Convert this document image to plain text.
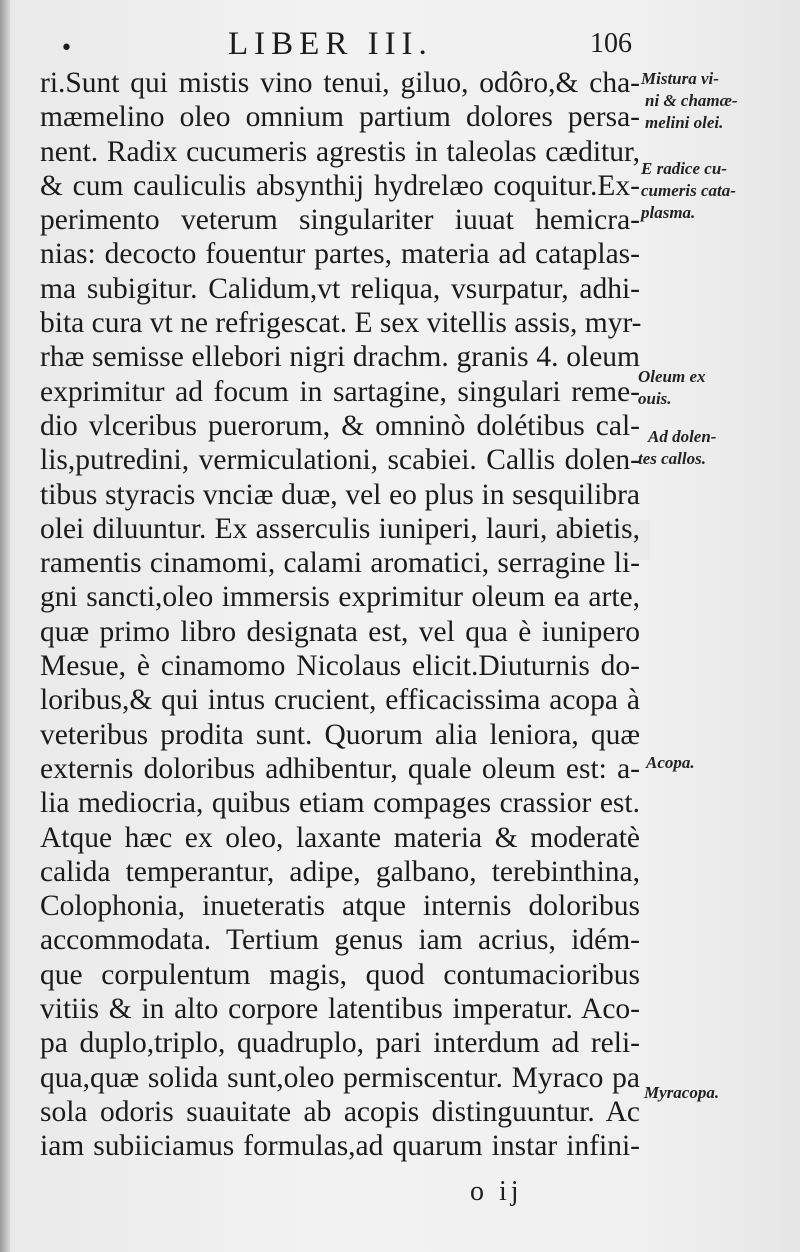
•	LIBER III.	106
ri.Sunt qui mistis vino tenui, giluo, odôro,& cha-
mæmelino oleo omnium partium dolores persa-
nent. Radix cucumeris agrestis in taleolas cæditur,
& cum cauliculis absynthij hydrelæo coquitur.Ex-
perimento veterum singulariter iuuat hemicra-
nias: decocto fouentur partes, materia ad cataplas-
ma subigitur. Calidum,vt reliqua, vsurpatur, adhi-
bita cura vt ne refrigescat. E sex vitellis assis, myr-
rhæ semisse ellebori nigri drachm. granis 4. oleum
exprimitur ad focum in sartagine, singulari reme-
dio vlceribus puerorum, & omninò dolétibus cal-
lis,putredini, vermiculationi, scabiei. Callis dolen-
tibus styracis vnciæ duæ, vel eo plus in sesquilibra
olei diluuntur. Ex asserculis iuniperi, lauri, abietis,
ramentis cinamomi, calami aromatici, serragine li-
gni sancti,oleo immersis exprimitur oleum ea arte,
quæ primo libro designata est, vel qua è iunipero
Mesue, è cinamomo Nicolaus elicit.Diuturnis do-
loribus,& qui intus crucient, efficacissima acopa à
veteribus prodita sunt. Quorum alia leniora, quæ
externis doloribus adhibentur, quale oleum est: a-
lia mediocria, quibus etiam compages crassior est.
Atque hæc ex oleo, laxante materia & moderatè
calida temperantur, adipe, galbano, terebinthina,
Colophonia, inueteratis atque internis doloribus
accommodata. Tertium genus iam acrius, idém-
que corpulentum magis, quod contumacioribus
vitiis & in alto corpore latentibus imperatur. Aco-
pa duplo,triplo, quadruplo, pari interdum ad reli-
qua,quæ solida sunt,oleo permiscentur. Myraco pa
sola odoris suauitate ab acopis distinguuntur. Ac
iam subiiciamus formulas,ad quarum instar infini-
Mistura vi-
ni & chamæ-
melini olei.
E radice cu-
cumeris cata-
plasma.
Oleum ex
ouis.
Ad dolen-
tes callos.
Acopa.
Myracopa.
o ij
